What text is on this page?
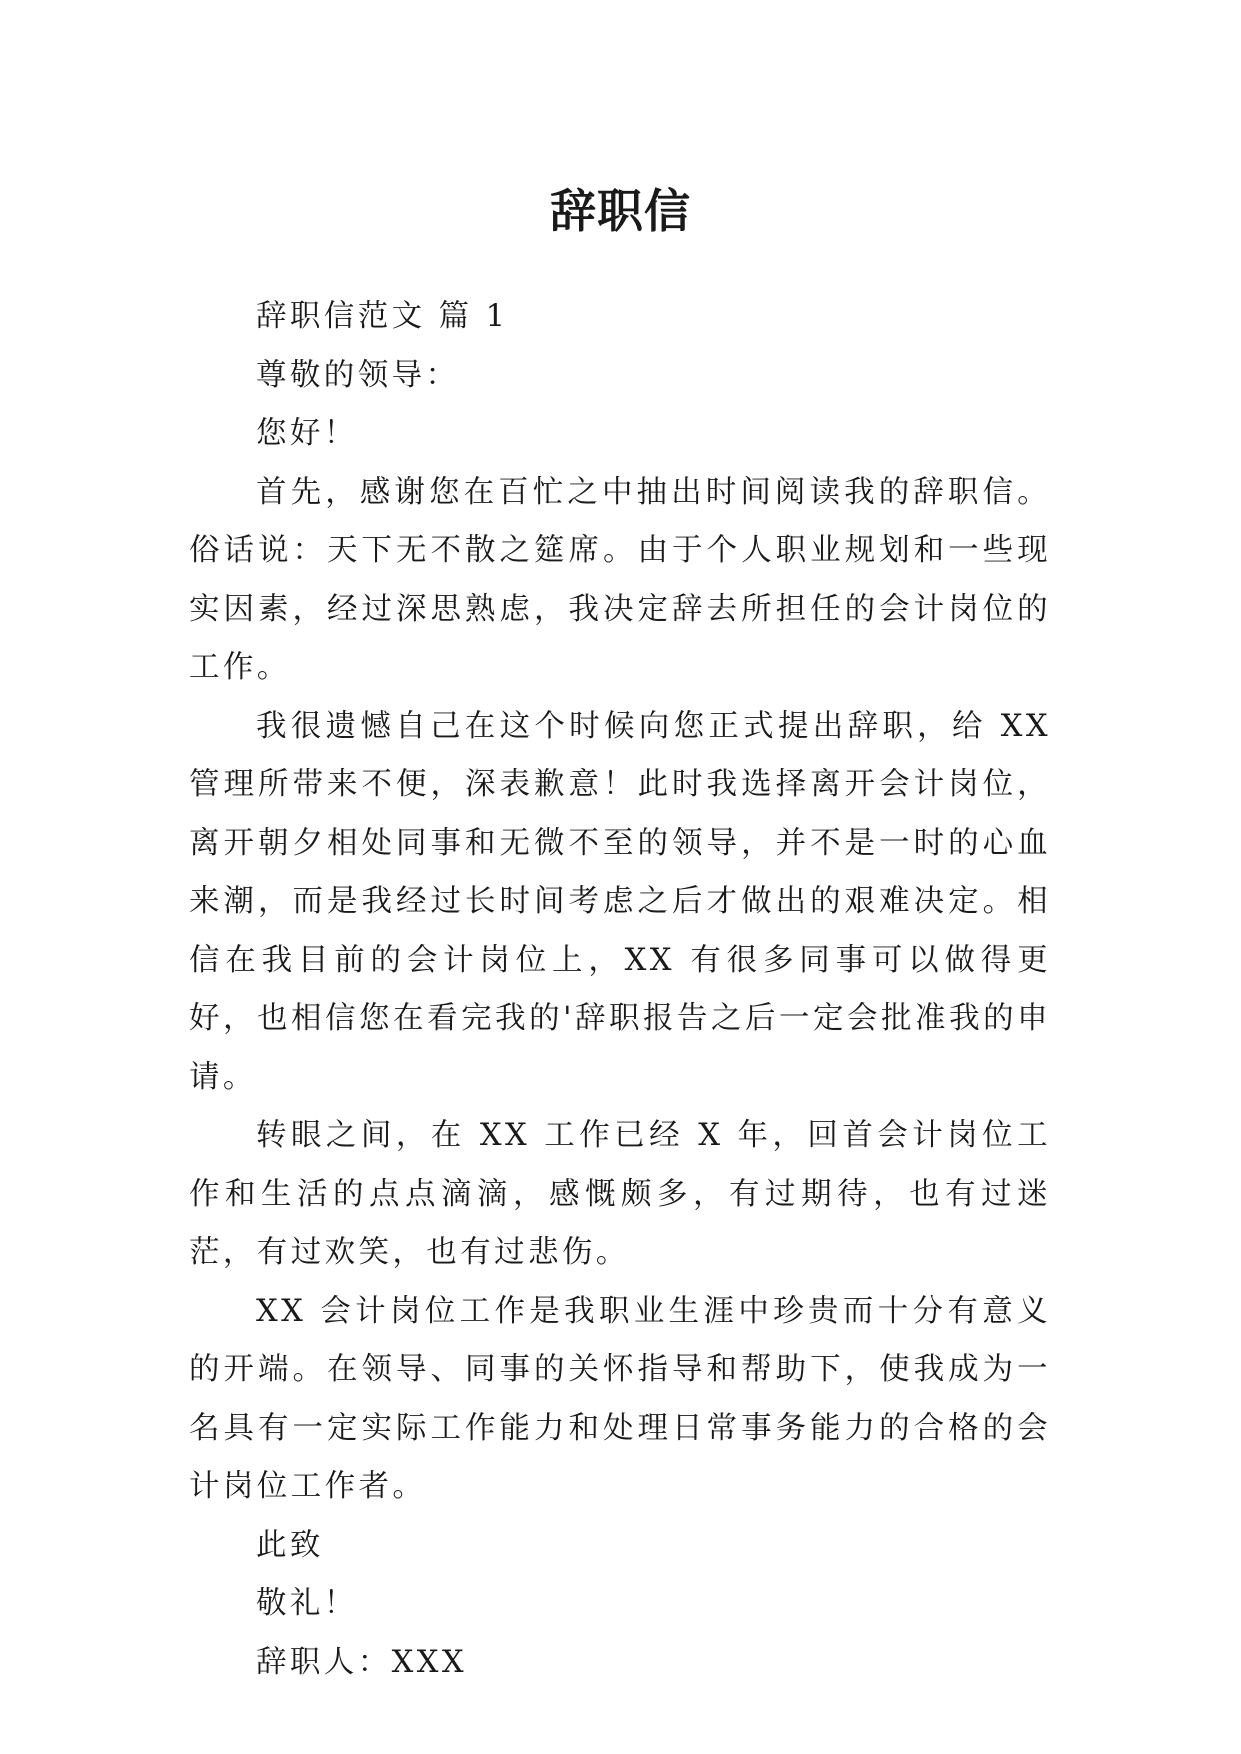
辞职信

辞职信范文 篇 1

尊敬的领导：

您好！

首先，感谢您在百忙之中抽出时间阅读我的辞职信。俗话说：天下无不散之筵席。由于个人职业规划和一些现实因素，经过深思熟虑，我决定辞去所担任的会计岗位的工作。

我很遗憾自己在这个时候向您正式提出辞职，给 XX 管理所带来不便，深表歉意！此时我选择离开会计岗位，离开朝夕相处同事和无微不至的领导，并不是一时的心血来潮，而是我经过长时间考虑之后才做出的艰难决定。相信在我目前的会计岗位上，XX 有很多同事可以做得更好，也相信您在看完我的'辞职报告之后一定会批准我的申请。

转眼之间，在 XX 工作已经 X 年，回首会计岗位工作和生活的点点滴滴，感慨颇多，有过期待，也有过迷茫，有过欢笑，也有过悲伤。

XX 会计岗位工作是我职业生涯中珍贵而十分有意义的开端。在领导、同事的关怀指导和帮助下，使我成为一名具有一定实际工作能力和处理日常事务能力的合格的会计岗位工作者。

此致

敬礼！

辞职人：XXX
